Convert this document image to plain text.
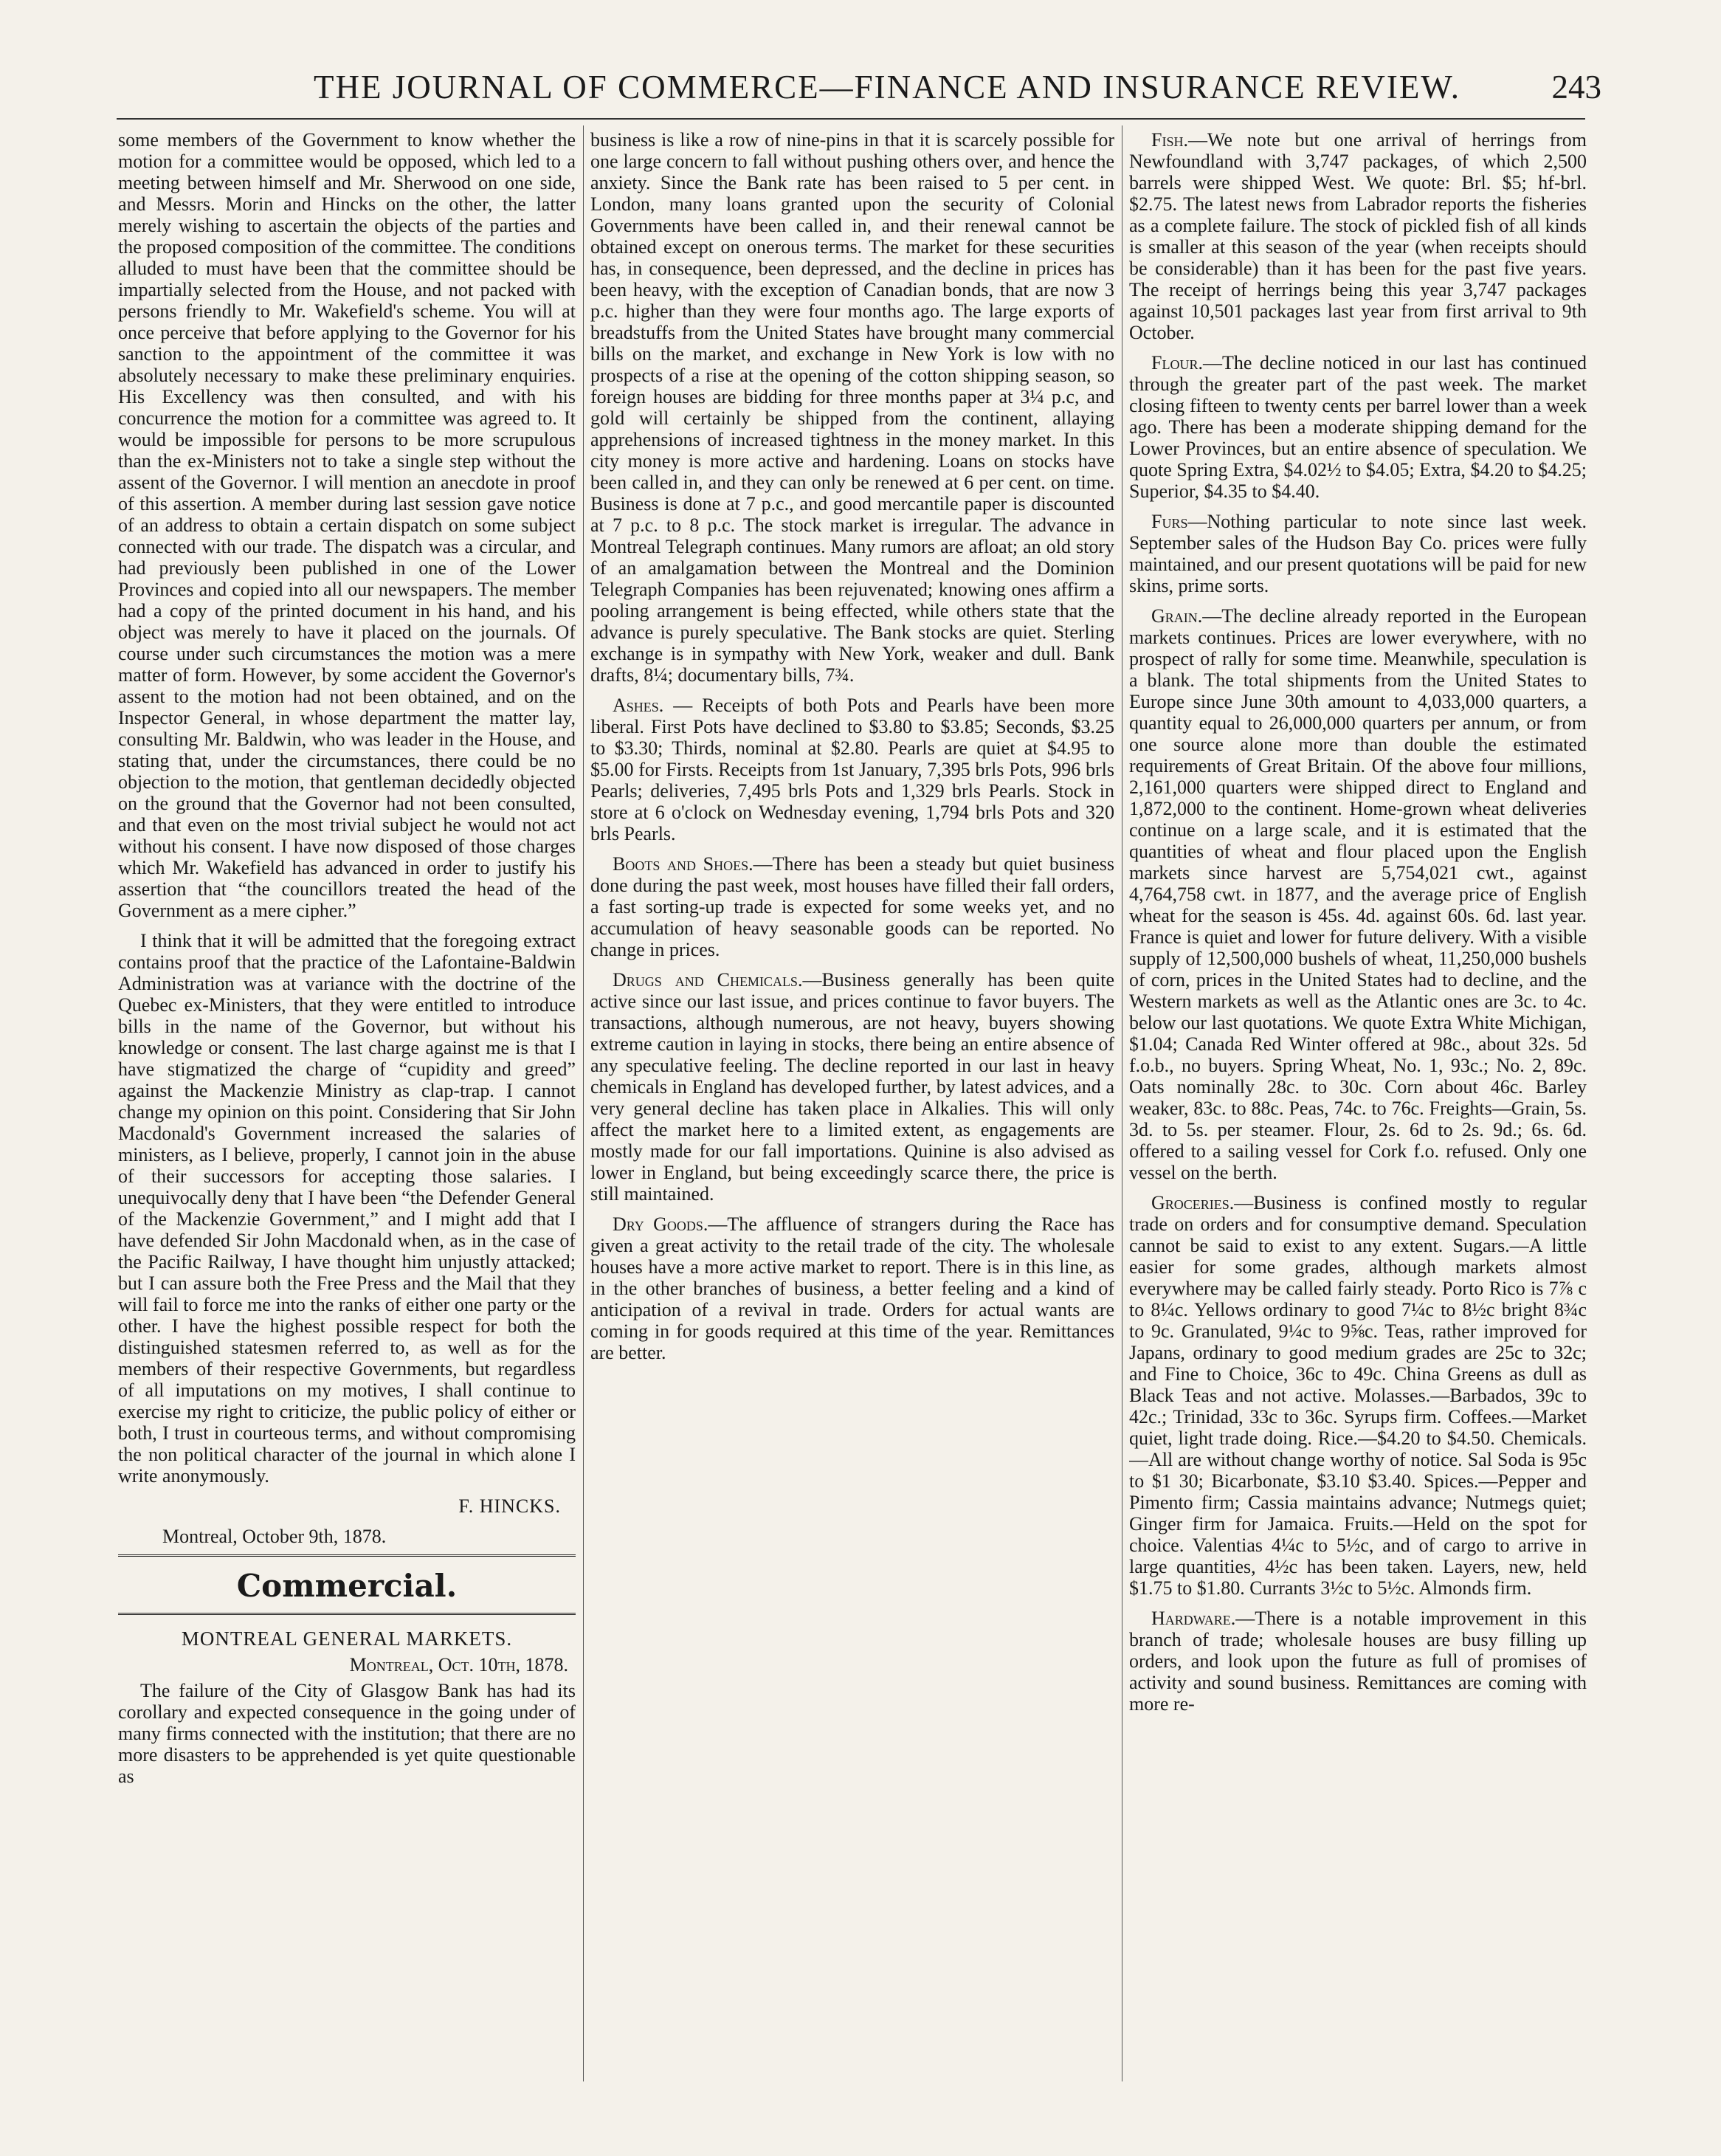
THE JOURNAL OF COMMERCE—FINANCE AND INSURANCE REVIEW.	243

some members of the Government to know whether the motion for a committee would be opposed, which led to a meeting between himself and Mr. Sherwood on one side, and Messrs. Morin and Hincks on the other, the latter merely wishing to ascertain the objects of the parties and the proposed composition of the committee. The conditions alluded to must have been that the committee should be impartially selected from the House, and not packed with persons friendly to Mr. Wakefield's scheme. You will at once perceive that before applying to the Governor for his sanction to the appointment of the committee it was absolutely necessary to make these preliminary enquiries. His Excellency was then consulted, and with his concurrence the motion for a committee was agreed to. It would be impossible for persons to be more scrupulous than the ex-Ministers not to take a single step without the assent of the Governor. I will mention an anecdote in proof of this assertion. A member during last session gave notice of an address to obtain a certain dispatch on some subject connected with our trade. The dispatch was a circular, and had previously been published in one of the Lower Provinces and copied into all our newspapers. The member had a copy of the printed document in his hand, and his object was merely to have it placed on the journals. Of course under such circumstances the motion was a mere matter of form. However, by some accident the Governor's assent to the motion had not been obtained, and on the Inspector General, in whose department the matter lay, consulting Mr. Baldwin, who was leader in the House, and stating that, under the circumstances, there could be no objection to the motion, that gentleman decidedly objected on the ground that the Governor had not been consulted, and that even on the most trivial subject he would not act without his consent. I have now disposed of those charges which Mr. Wakefield has advanced in order to justify his assertion that “the councillors treated the head of the Government as a mere cipher.”

I think that it will be admitted that the foregoing extract contains proof that the practice of the Lafontaine-Baldwin Administration was at variance with the doctrine of the Quebec ex-Ministers, that they were entitled to introduce bills in the name of the Governor, but without his knowledge or consent. The last charge against me is that I have stigmatized the charge of “cupidity and greed” against the Mackenzie Ministry as clap-trap. I cannot change my opinion on this point. Considering that Sir John Macdonald's Government increased the salaries of ministers, as I believe, properly, I cannot join in the abuse of their successors for accepting those salaries. I unequivocally deny that I have been “the Defender General of the Mackenzie Government,” and I might add that I have defended Sir John Macdonald when, as in the case of the Pacific Railway, I have thought him unjustly attacked; but I can assure both the Free Press and the Mail that they will fail to force me into the ranks of either one party or the other. I have the highest possible respect for both the distinguished statesmen referred to, as well as for the members of their respective Governments, but regardless of all imputations on my motives, I shall continue to exercise my right to criticize, the public policy of either or both, I trust in courteous terms, and without compromising the non political character of the journal in which alone I write anonymously.

F. HINCKS.
Montreal, October 9th, 1878.
Commercial.
MONTREAL GENERAL MARKETS.
Montreal, Oct. 10th, 1878.

The failure of the City of Glasgow Bank has had its corollary and expected consequence in the going under of many firms connected with the institution; that there are no more disasters to be apprehended is yet quite questionable as

business is like a row of nine-pins in that it is scarcely possible for one large concern to fall without pushing others over, and hence the anxiety. Since the Bank rate has been raised to 5 per cent. in London, many loans granted upon the security of Colonial Governments have been called in, and their renewal cannot be obtained except on onerous terms. The market for these securities has, in consequence, been depressed, and the decline in prices has been heavy, with the exception of Canadian bonds, that are now 3 p.c. higher than they were four months ago. The large exports of breadstuffs from the United States have brought many commercial bills on the market, and exchange in New York is low with no prospects of a rise at the opening of the cotton shipping season, so foreign houses are bidding for three months paper at 3¼ p.c, and gold will certainly be shipped from the continent, allaying apprehensions of increased tightness in the money market. In this city money is more active and hardening. Loans on stocks have been called in, and they can only be renewed at 6 per cent. on time. Business is done at 7 p.c., and good mercantile paper is discounted at 7 p.c. to 8 p.c. The stock market is irregular. The advance in Montreal Telegraph continues. Many rumors are afloat; an old story of an amalgamation between the Montreal and the Dominion Telegraph Companies has been rejuvenated; knowing ones affirm a pooling arrangement is being effected, while others state that the advance is purely speculative. The Bank stocks are quiet. Sterling exchange is in sympathy with New York, weaker and dull. Bank drafts, 8¼; documentary bills, 7¾.

Ashes. — Receipts of both Pots and Pearls have been more liberal. First Pots have declined to $3.80 to $3.85; Seconds, $3.25 to $3.30; Thirds, nominal at $2.80. Pearls are quiet at $4.95 to $5.00 for Firsts. Receipts from 1st January, 7,395 brls Pots, 996 brls Pearls; deliveries, 7,495 brls Pots and 1,329 brls Pearls. Stock in store at 6 o'clock on Wednesday evening, 1,794 brls Pots and 320 brls Pearls.

Boots and Shoes.—There has been a steady but quiet business done during the past week, most houses have filled their fall orders, a fast sorting-up trade is expected for some weeks yet, and no accumulation of heavy seasonable goods can be reported. No change in prices.

Drugs and Chemicals.—Business generally has been quite active since our last issue, and prices continue to favor buyers. The transactions, although numerous, are not heavy, buyers showing extreme caution in laying in stocks, there being an entire absence of any speculative feeling. The decline reported in our last in heavy chemicals in England has developed further, by latest advices, and a very general decline has taken place in Alkalies. This will only affect the market here to a limited extent, as engagements are mostly made for our fall importations. Quinine is also advised as lower in England, but being exceedingly scarce there, the price is still maintained.

Dry Goods.—The affluence of strangers during the Race has given a great activity to the retail trade of the city. The wholesale houses have a more active market to report. There is in this line, as in the other branches of business, a better feeling and a kind of anticipation of a revival in trade. Orders for actual wants are coming in for goods required at this time of the year. Remittances are better.

Fish.—We note but one arrival of herrings from Newfoundland with 3,747 packages, of which 2,500 barrels were shipped West. We quote: Brl. $5; hf-brl. $2.75. The latest news from Labrador reports the fisheries as a complete failure. The stock of pickled fish of all kinds is smaller at this season of the year (when receipts should be considerable) than it has been for the past five years. The receipt of herrings being this year 3,747 packages against 10,501 packages last year from first arrival to 9th October.

Flour.—The decline noticed in our last has continued through the greater part of the past week. The market closing fifteen to twenty cents per barrel lower than a week ago. There has been a moderate shipping demand for the Lower Provinces, but an entire absence of speculation. We quote Spring Extra, $4.02½ to $4.05; Extra, $4.20 to $4.25; Superior, $4.35 to $4.40.

Furs—Nothing particular to note since last week. September sales of the Hudson Bay Co. prices were fully maintained, and our present quotations will be paid for new skins, prime sorts.

Grain.—The decline already reported in the European markets continues. Prices are lower everywhere, with no prospect of rally for some time. Meanwhile, speculation is a blank. The total shipments from the United States to Europe since June 30th amount to 4,033,000 quarters, a quantity equal to 26,000,000 quarters per annum, or from one source alone more than double the estimated requirements of Great Britain. Of the above four millions, 2,161,000 quarters were shipped direct to England and 1,872,000 to the continent. Home-grown wheat deliveries continue on a large scale, and it is estimated that the quantities of wheat and flour placed upon the English markets since harvest are 5,754,021 cwt., against 4,764,758 cwt. in 1877, and the average price of English wheat for the season is 45s. 4d. against 60s. 6d. last year. France is quiet and lower for future delivery. With a visible supply of 12,500,000 bushels of wheat, 11,250,000 bushels of corn, prices in the United States had to decline, and the Western markets as well as the Atlantic ones are 3c. to 4c. below our last quotations. We quote Extra White Michigan, $1.04; Canada Red Winter offered at 98c., about 32s. 5d f.o.b., no buyers. Spring Wheat, No. 1, 93c.; No. 2, 89c. Oats nominally 28c. to 30c. Corn about 46c. Barley weaker, 83c. to 88c. Peas, 74c. to 76c. Freights—Grain, 5s. 3d. to 5s. per steamer. Flour, 2s. 6d to 2s. 9d.; 6s. 6d. offered to a sailing vessel for Cork f.o. refused. Only one vessel on the berth.

Groceries.—Business is confined mostly to regular trade on orders and for consumptive demand. Speculation cannot be said to exist to any extent. Sugars.—A little easier for some grades, although markets almost everywhere may be called fairly steady. Porto Rico is 7⅞ c to 8¼c. Yellows ordinary to good 7¼c to 8½c bright 8¾c to 9c. Granulated, 9¼c to 9⅝c. Teas, rather improved for Japans, ordinary to good medium grades are 25c to 32c; and Fine to Choice, 36c to 49c. China Greens as dull as Black Teas and not active. Molasses.—Barbados, 39c to 42c.; Trinidad, 33c to 36c. Syrups firm. Coffees.—Market quiet, light trade doing. Rice.—$4.20 to $4.50. Chemicals.—All are without change worthy of notice. Sal Soda is 95c to $1 30; Bicarbonate, $3.10 $3.40. Spices.—Pepper and Pimento firm; Cassia maintains advance; Nutmegs quiet; Ginger firm for Jamaica. Fruits.—Held on the spot for choice. Valentias 4¼c to 5½c, and of cargo to arrive in large quantities, 4½c has been taken. Layers, new, held $1.75 to $1.80. Currants 3½c to 5½c. Almonds firm.

Hardware.—There is a notable improvement in this branch of trade; wholesale houses are busy filling up orders, and look upon the future as full of promises of activity and sound business. Remittances are coming with more re-
